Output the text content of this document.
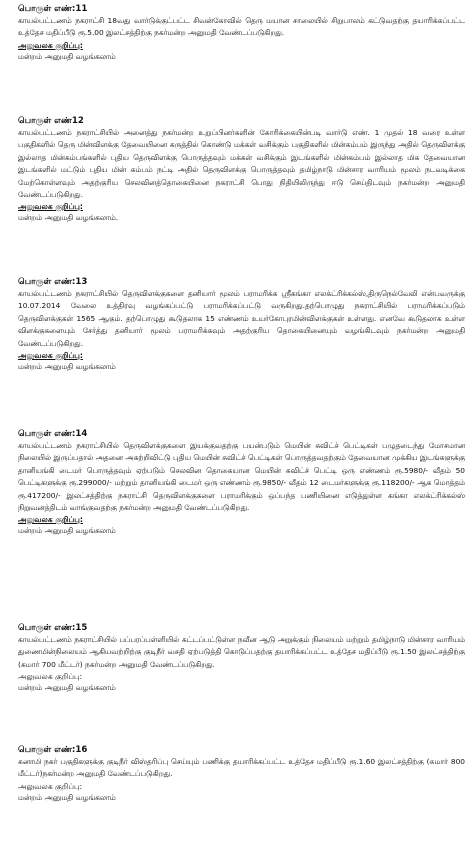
பொருள் எண்:11
காயல்பட்டணம் நகராட்சி 18வது வார்டுக்குட்பட்ட சிவன்கோவில் தெரு மயான சாலையில் சிறுபாலம் கட்டுவதற்கு தயாரிக்கப்பட்ட உத்தேச மதிப்பீடு ரூ.5.00 இலட்சத்திற்கு நகர்மன்ற அனுமதி வேண்டப்படுகிறது.
அலுவலக குறிப்பு:
மன்றம் அனுமதி வழங்கலாம்
பொருள் எண்12
காயல்பட்டணம் நகராட்சியில் அனைத்து நகர்மன்ற உறுப்பினர்களின் கோரிக்கையின்படி வார்டு எண். 1 முதல் 18 வரை உள்ள பகுதிகளில் தெரு மின்விளக்கு தேவையினை கருத்தில் கொண்டு மக்கள் வசிக்கும் பகுதிகளில் மின்கம்பம் இருந்து அதில் தெருவிளக்கு இல்லாத மின்கம்பங்களில் புதிய தெருவிளக்கு பொருத்தவும் மக்கள் வசிக்கும் இடங்களில் மின்கம்பம் இல்லாத மிக தேவையான இடங்களில் மட்டும் புதிய மின் கம்பம் நட்டி அதில் தெருவிளக்கு பொருத்தவும் தமிழ்நாடு மின்சார வாரியம் மூலம் நடவடிக்கை மேற்கொள்ளவும் அதற்குரிய செலவினத்தொகையினை நகராட்சி பொது நிதியிலிருந்து ஈடு செய்திடவும் நகர்மன்ற அனுமதி வேண்டப்படுகிறது.
அலுவலக குறிப்பு:
மன்றம் அனுமதி வழங்கலாம்.
பொருள் எண்:13
காயல்பட்டணம் நகராட்சியில் தெருவிளக்குகளை தனியார் மூலம் பராமரிக்க ஸ்ரீகங்கா எலக்ட்ரிக்கல்ஸ்,திருநெல்வேலி என்பவருக்கு 10.07.2014 வேலை உத்திரவு வழங்கப்பட்டு பராமரிக்கப்பட்டு வருகிறது.தற்பொழுது நகராட்சியில் பராமரிக்கப்படும் தெருவிளக்குகள் 1565 ஆகும். தற்பொழுது கூடுதலாக 15 எண்ணம் உயர்கோபுரமின்விளக்குகள் உள்ளது. எனவே கூடுதலாக உள்ள விளக்குகளையும் சேர்த்து தனியார் மூலம் பராமரிக்கவும் அதற்குரிய தொகையினையும் வழங்கிடவும் நகர்மன்ற அனுமதி வேண்டப்படுகிறது.
அலுவலக குறிப்பு:
மன்றம் அனுமதி வழங்கலாம்
பொருள் எண்:14
காயல்பட்டணம் நகராட்சியில் தெருவிளக்குகளை இயக்குவதற்கு பயன்படும் மெயின் சுவிட்ச் பெட்டிகள் பழுதடைந்து மோசமான நிலையில் இருப்பதால் அதனை அகற்றிவிட்டு புதிய மெயின் சுவிட்ச் பெட்டிகள் பொருத்தவதற்கும் தேவையான முக்கிய இடங்களுக்கு தானியங்கி டைமர் பொருத்தவும் ஏற்படும் செலவின தொகையான மெயின் சுவிட்ச் பெட்டி ஒரு எண்ணம் ரூ.5980/- வீதம் 50 பெட்டிகளுக்கு ரூ.299000/- மற்றும் தானியங்கி டைமர் ஒரு எண்ணம் ரூ.9850/- வீதம் 12 டைமர்களுக்கு ரூ.118200/- ஆக மொத்தம் ரூ.417200/- இலட்சத்திற்கு நகராட்சி தெருவிளக்குகளை பராமரிக்கும் ஒப்பந்த பணியினை எடுத்துள்ள கங்கா எலக்ட்ரிக்கல்ஸ் நிறுவனத்திடம் வாங்குவதற்கு நகர்மன்ற அனுமதி வேண்டப்படுகிறது.
அலுவலக குறிப்பு:
மன்றம் அனுமதி வழங்கலாம்
பொருள் எண்:15
காயல்பட்டணம் நகராட்சியில் பப்பரப்பள்ளியில் கட்டப்பட்டுள்ள நவீன ஆடு அறுக்கும் நிலையம் மற்றும் தமிழ்நாடு மின்சார வாரியம் துணைமின்நிலையம் ஆகியவற்றிற்கு குடிநீர் வசதி ஏற்படுத்தி கொடுப்பதற்கு தயாரிக்கப்பட்ட உத்தேச மதிப்பீடு ரூ.1.50 இலட்சத்திற்கு (சுமார் 700 மீட்டர்) நகர்மன்ற அனுமதி வேண்டப்படுகிறது.
அலுவலக குறிப்பு:
மன்றம் அனுமதி வழங்கலாம்
பொருள் எண்:16
சுனாமி நகர் பகுதிகளுக்கு குடிநீர் விஸ்தரிப்பு செய்யும் பணிக்கு தயாரிக்கப்பட்ட உத்தேச மதிப்பீடு ரூ.1.60 இலட்சத்திற்கு (சுமார் 800 மீட்டர்)நகர்மன்ற அனுமதி வேண்டப்படுகிறது.
அலுவலக குறிப்பு:
மன்றம் அனுமதி வழங்கலாம்
